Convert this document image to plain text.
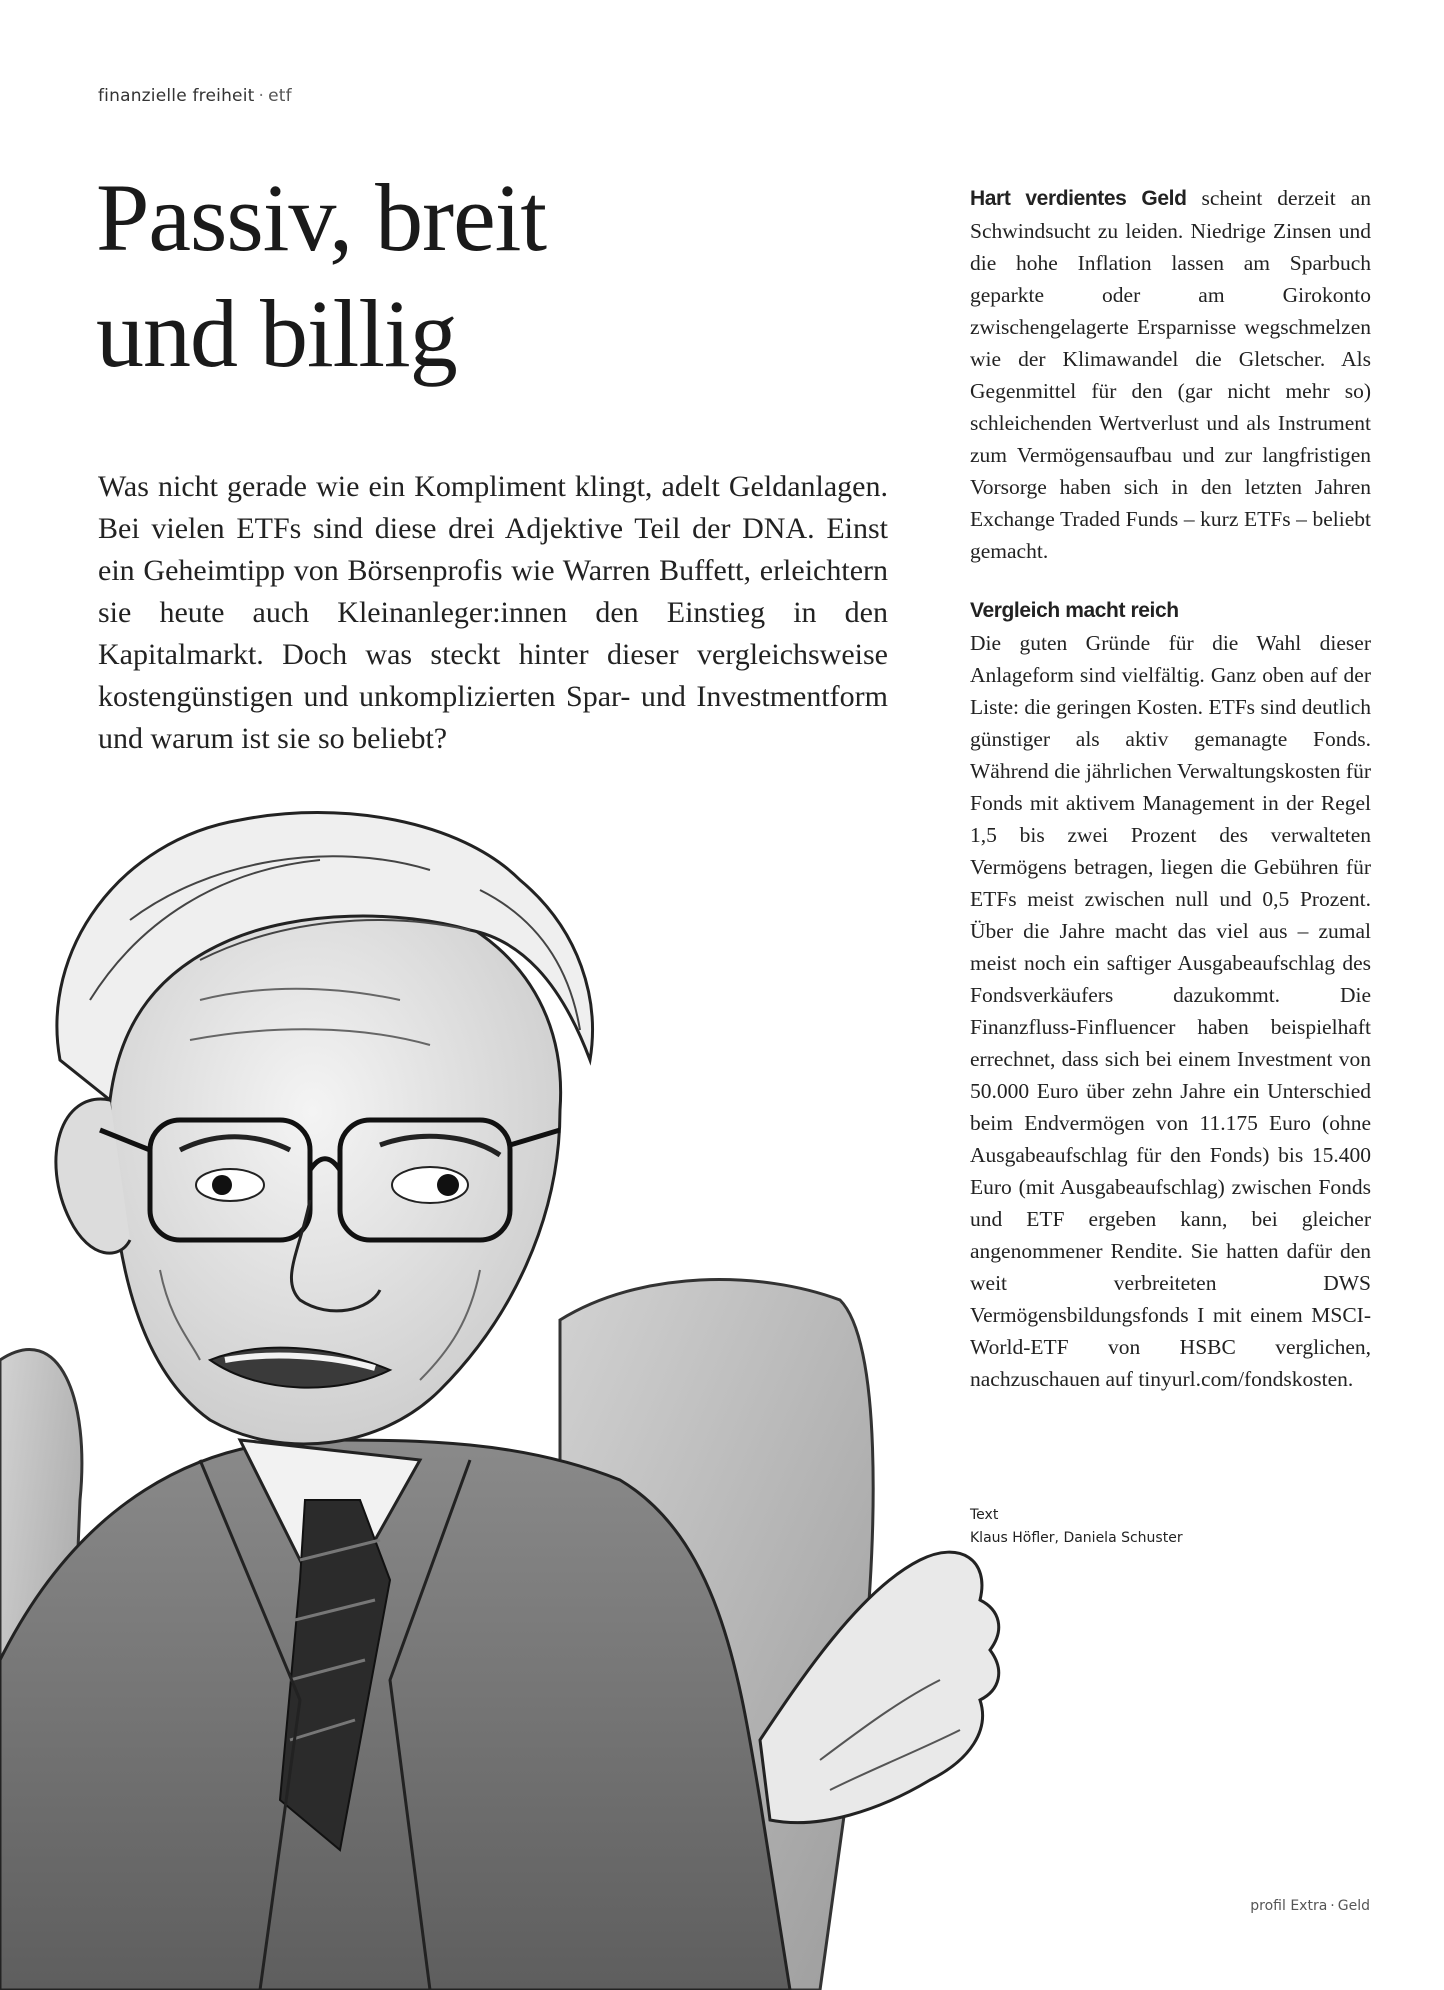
finanzielle freiheit · etf
Passiv, breit
und billig

Was nicht gerade wie ein Kompliment klingt, adelt Geldanlagen. Bei vielen ETFs sind diese drei Adjektive Teil der DNA. Einst ein Geheimtipp von Börsenprofis wie Warren Buffett, erleichtern sie heute auch Kleinanleger:innen den Einstieg in den Kapitalmarkt. Doch was steckt hinter dieser vergleichsweise kostengünstigen und unkomplizierten Spar- und Investmentform und warum ist sie so beliebt?

Hart verdientes Geld scheint derzeit an Schwindsucht zu leiden. Niedrige Zinsen und die hohe Inflation lassen am Sparbuch geparkte oder am Girokonto zwischengelagerte Ersparnisse wegschmelzen wie der Klimawandel die Gletscher. Als Gegenmittel für den (gar nicht mehr so) schleichenden Wertverlust und als Instrument zum Vermögensaufbau und zur langfristigen Vorsorge haben sich in den letzten Jahren Exchange Traded Funds – kurz ETFs – beliebt gemacht.

Vergleich macht reich

Die guten Gründe für die Wahl dieser Anlageform sind vielfältig. Ganz oben auf der Liste: die geringen Kosten. ETFs sind deutlich günstiger als aktiv gemanagte Fonds. Während die jährlichen Verwaltungskosten für Fonds mit aktivem Management in der Regel 1,5 bis zwei Prozent des verwalteten Vermögens betragen, liegen die Gebühren für ETFs meist zwischen null und 0,5 Prozent. Über die Jahre macht das viel aus – zumal meist noch ein saftiger Ausgabeaufschlag des Fondsverkäufers dazukommt. Die Finanzfluss-Finfluencer haben beispielhaft errechnet, dass sich bei einem Investment von 50.000 Euro über zehn Jahre ein Unterschied beim Endvermögen von 11.175 Euro (ohne Ausgabeaufschlag für den Fonds) bis 15.400 Euro (mit Ausgabeaufschlag) zwischen Fonds und ETF ergeben kann, bei gleicher angenommener Rendite. Sie hatten dafür den weit verbreiteten DWS Vermögensbildungsfonds I mit einem MSCI-World-ETF von HSBC verglichen, nachzuschauen auf tinyurl.com/fondskosten.

Text
Klaus Höfler, Daniela Schuster
profil Extra · Geld
